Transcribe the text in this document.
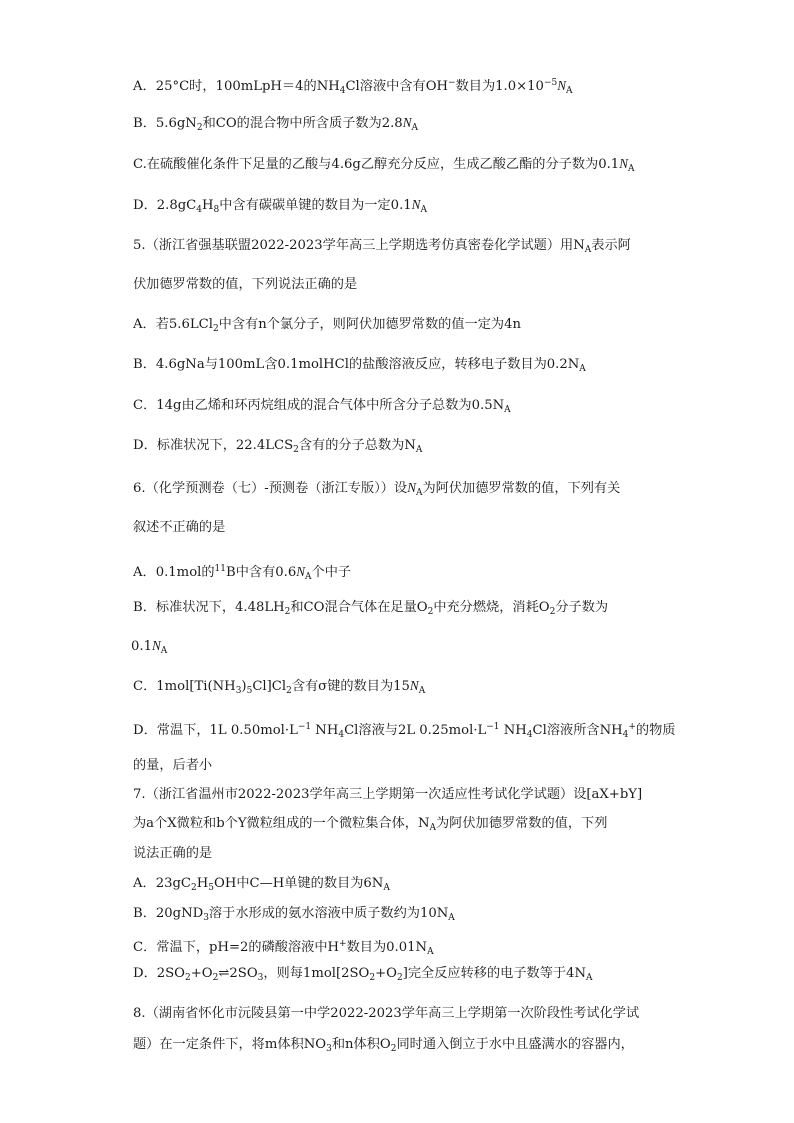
A．25°C时，100mLpH＝4的$NH_4Cl$溶液中含有OH−数目为$1.0\times 10^{-5}N_A$
B．$5.6gN_2$和CO的混合物中所含质子数为$2.8N_A$
C.在硫酸催化条件下足量的乙酸与4.6g乙醇充分反应，生成乙酸乙酯的分子数为$0.1N_A$
D．$2.8gC_4H_8$中含有碳碳单键的数目为一定$0.1N_A$
5.（浙江省强基联盟2022-2023学年高三上学期选考仿真密卷化学试题）用$N_A$表示阿
伏加德罗常数的值，下列说法正确的是
A．若5.6LCl$_2$中含有n个氯分子，则阿伏加德罗常数的值一定为4n
B．4.6gNa与100mL含0.1molHCl的盐酸溶液反应，转移电子数目为$0.2N_A$
C．14g由乙烯和环丙烷组成的混合气体中所含分子总数为$0.5N_A$
D．标准状况下，$22.4LCS_2$含有的分子总数为$N_A$
6.（化学预测卷（七）-预测卷（浙江专版））设$N_A$为阿伏加德罗常数的值，下列有关
叙述不正确的是
A．0.1mol的$^{11}$B中含有$0.6N_A$个中子
B．标准状况下，$4.48LH_2$和CO混合气体在足量$O_2$中充分燃烧，消耗$O_2$分子数为
$0.1N_A$
C．$1mol[Ti(NH_3)_5Cl]Cl_2$含有σ键的数目为$15N_A$
D．常温下，1L $0.50mol\cdot L^{-1}$ $NH_4Cl$溶液与2L $0.25mol\cdot L^{-1}$ $NH_4Cl$溶液所含$NH_4^+$的物质
的量，后者小
7.（浙江省温州市2022-2023学年高三上学期第一次适应性考试化学试题）设[aX+bY]
为a个X微粒和b个Y微粒组成的一个微粒集合体，$N_A$为阿伏加德罗常数的值，下列
说法正确的是
A．$23gC_2H_5OH$中C—H单键的数目为$6N_A$
B．20gND$_3$溶于水形成的氨水溶液中质子数约为$10N_A$
C．常温下，pH=2的磷酸溶液中H+数目为$0.01N_A$
D．$2SO_2+O_2\rightleftharpoons 2SO_3$，则每$1mol[2SO_2+O_2]$完全反应转移的电子数等于$4N_A$
8.（湖南省怀化市沅陵县第一中学2022-2023学年高三上学期第一次阶段性考试化学试
题）在一定条件下，将m体积$NO_3$和n体积$O_2$同时通入倒立于水中且盛满水的容器内，
